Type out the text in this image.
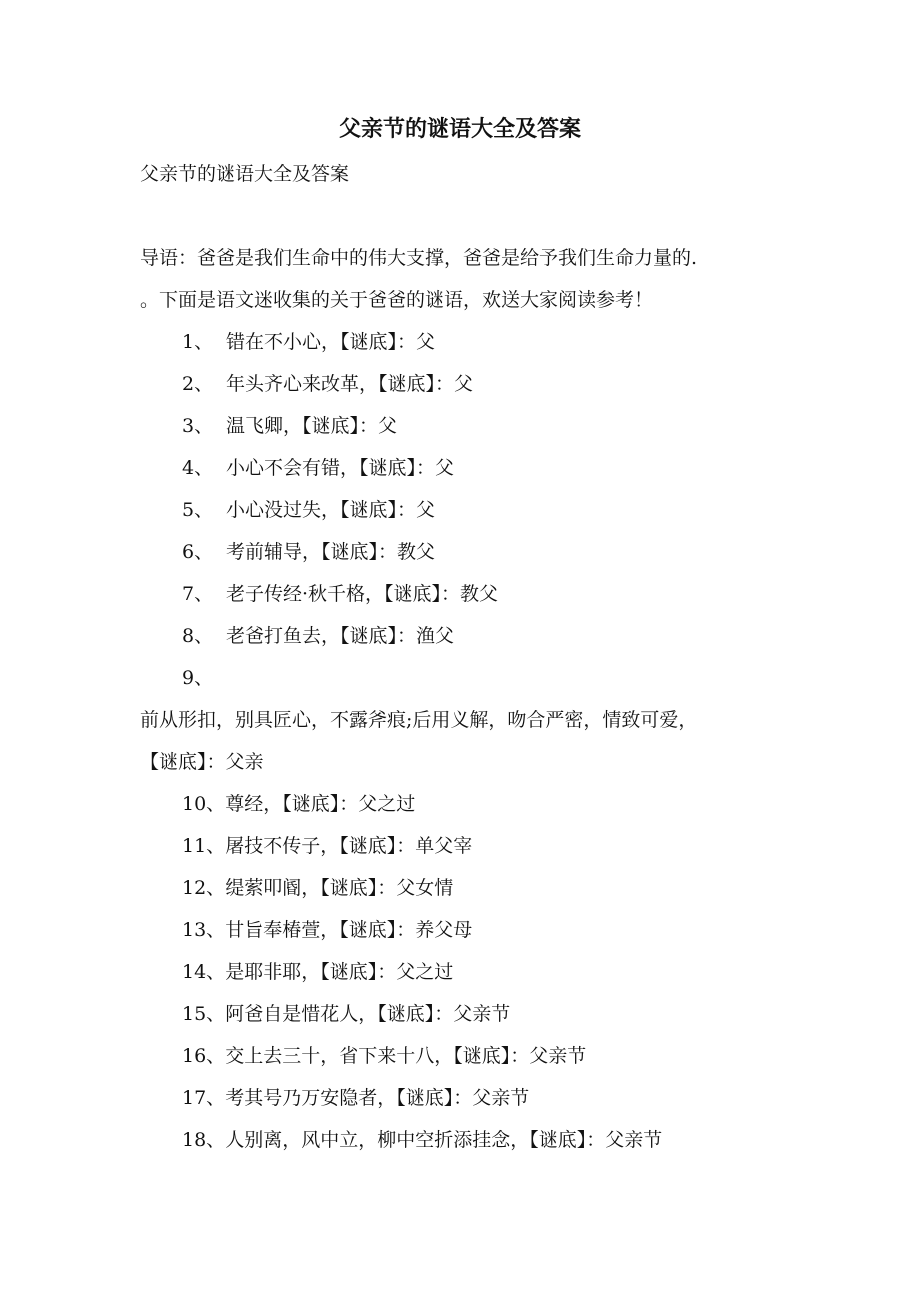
父亲节的谜语大全及答案
父亲节的谜语大全及答案
导语：爸爸是我们生命中的伟大支撑，爸爸是给予我们生命力量的.
。下面是语文迷收集的关于爸爸的谜语，欢送大家阅读参考！
1、 错在不小心，【谜底】：父
2、 年头齐心来改革，【谜底】：父
3、 温飞卿，【谜底】：父
4、 小心不会有错，【谜底】：父
5、 小心没过失，【谜底】：父
6、 考前辅导，【谜底】：教父
7、 老子传经·秋千格，【谜底】：教父
8、 老爸打鱼去，【谜底】：渔父
9、
前从形扣，别具匠心，不露斧痕;后用义解，吻合严密，情致可爱，
【谜底】：父亲
10、尊经，【谜底】：父之过
11、屠技不传子，【谜底】：单父宰
12、缇萦叩阍，【谜底】：父女情
13、甘旨奉椿萱，【谜底】：养父母
14、是耶非耶，【谜底】：父之过
15、阿爸自是惜花人，【谜底】：父亲节
16、交上去三十，省下来十八，【谜底】：父亲节
17、考其号乃万安隐者，【谜底】：父亲节
18、人别离，风中立，柳中空折添挂念，【谜底】：父亲节
